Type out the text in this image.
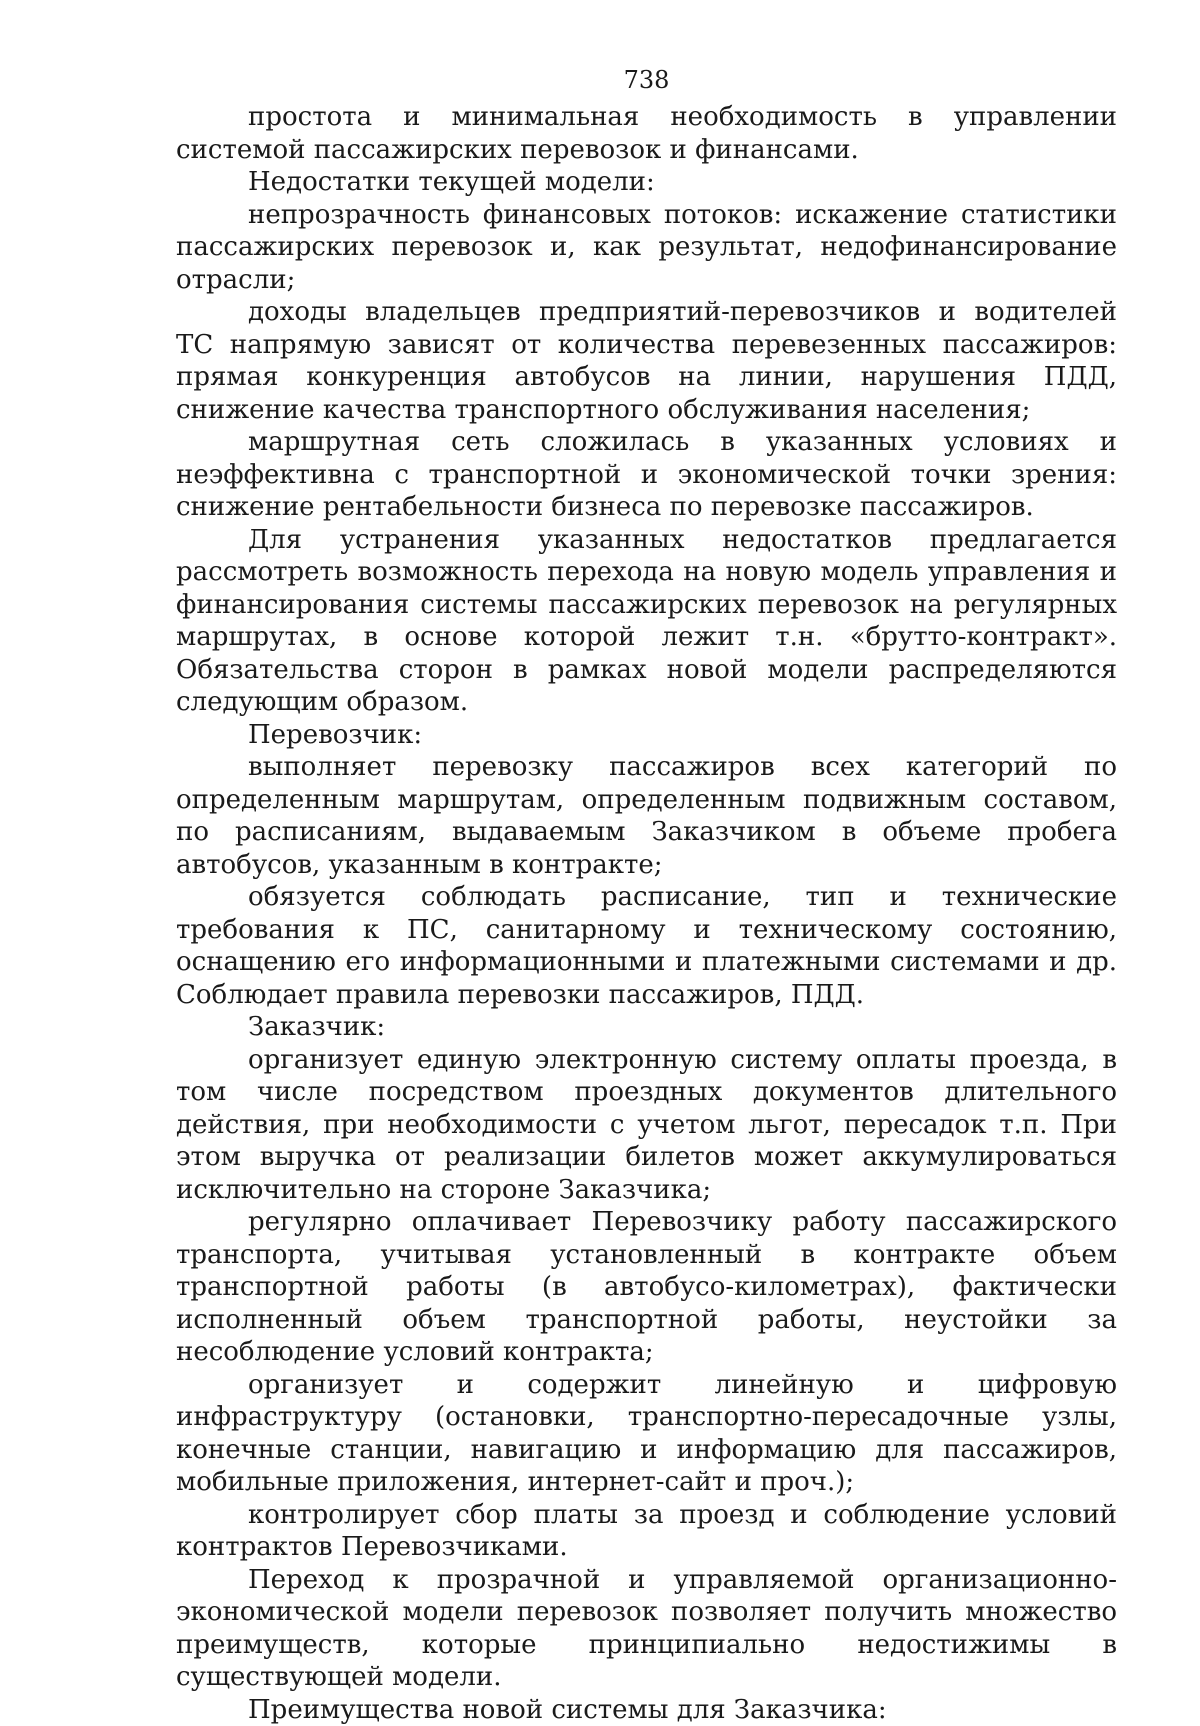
738

простота и минимальная необходимость в управлении системой пассажирских перевозок и финансами.

Недостатки текущей модели:

непрозрачность финансовых потоков: искажение статистики пассажирских перевозок и, как результат, недофинансирование отрасли;

доходы владельцев предприятий-перевозчиков и водителей ТС напрямую зависят от количества перевезенных пассажиров: прямая конкуренция автобусов на линии, нарушения ПДД, снижение качества транспортного обслуживания населения;

маршрутная сеть сложилась в указанных условиях и неэффективна с транспортной и экономической точки зрения: снижение рентабельности бизнеса по перевозке пассажиров.

Для устранения указанных недостатков предлагается рассмотреть возможность перехода на новую модель управления и финансирования системы пассажирских перевозок на регулярных маршрутах, в основе которой лежит т.н. «брутто-контракт». Обязательства сторон в рамках новой модели распределяются следующим образом.

Перевозчик:

выполняет перевозку пассажиров всех категорий по определенным маршрутам, определенным подвижным составом, по расписаниям, выдаваемым Заказчиком в объеме пробега автобусов, указанным в контракте;

обязуется соблюдать расписание, тип и технические требования к ПС, санитарному и техническому состоянию, оснащению его информационными и платежными системами и др. Соблюдает правила перевозки пассажиров, ПДД.

Заказчик:

организует единую электронную систему оплаты проезда, в том числе посредством проездных документов длительного действия, при необходимости с учетом льгот, пересадок т.п. При этом выручка от реализации билетов может аккумулироваться исключительно на стороне Заказчика;

регулярно оплачивает Перевозчику работу пассажирского транспорта, учитывая установленный в контракте объем транспортной работы (в автобусо-километрах), фактически исполненный объем транспортной работы, неустойки за несоблюдение условий контракта;

организует и содержит линейную и цифровую инфраструктуру (остановки, транспортно-пересадочные узлы, конечные станции, навигацию и информацию для пассажиров, мобильные приложения, интернет-сайт и проч.);

контролирует сбор платы за проезд и соблюдение условий контрактов Перевозчиками.

Переход к прозрачной и управляемой организационно-экономической модели перевозок позволяет получить множество преимуществ, которые принципиально недостижимы в существующей модели.

Преимущества новой системы для Заказчика:
